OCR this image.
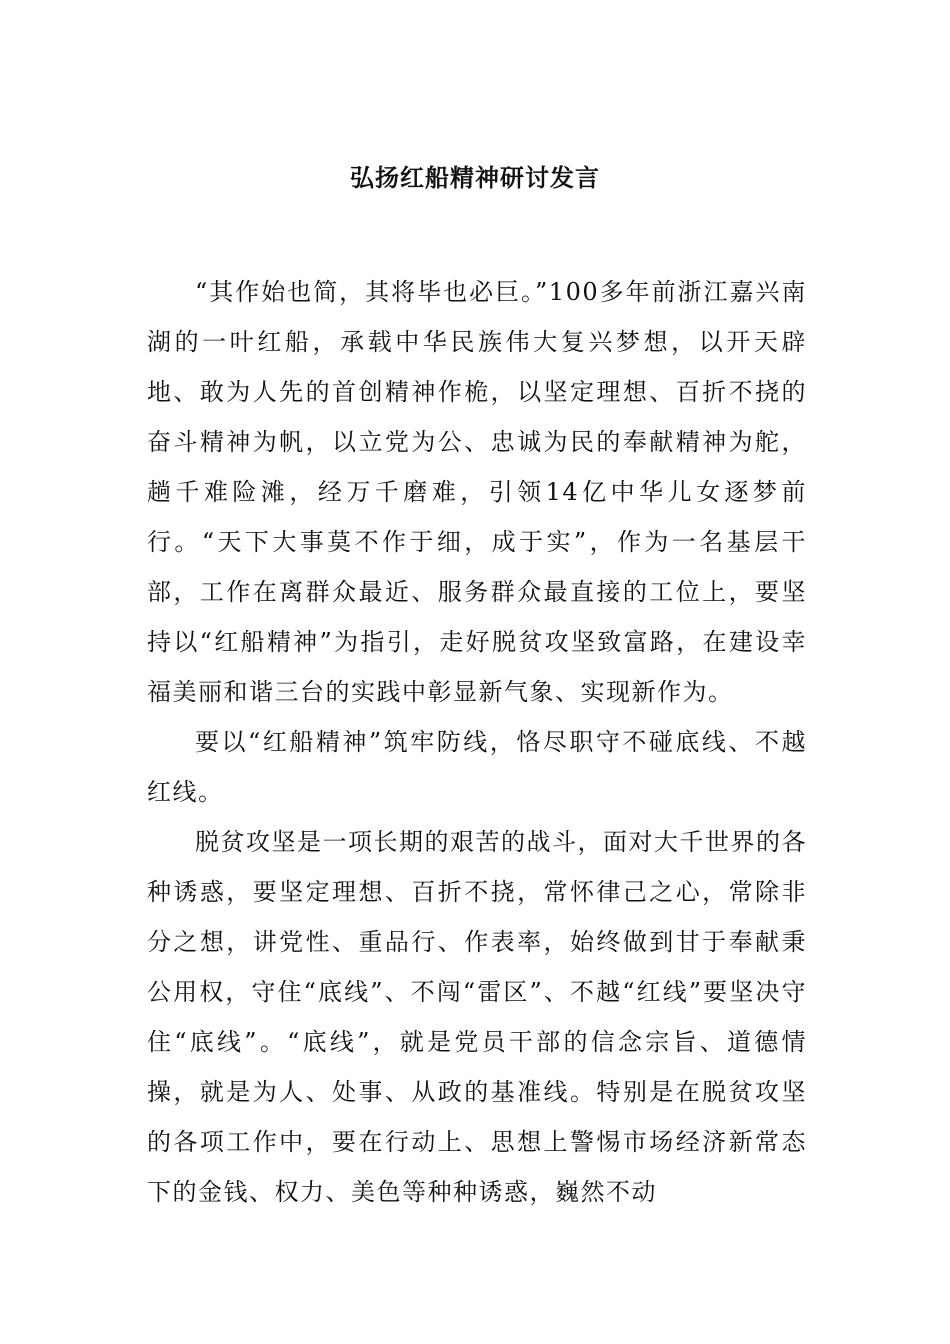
弘扬红船精神研讨发言

“其作始也简，其将毕也必巨。”100多年前浙江嘉兴南湖的一叶红船，承载中华民族伟大复兴梦想，以开天辟地、敢为人先的首创精神作桅，以坚定理想、百折不挠的奋斗精神为帆，以立党为公、忠诚为民的奉献精神为舵，趟千难险滩，经万千磨难，引领14亿中华儿女逐梦前行。“天下大事莫不作于细，成于实”，作为一名基层干部，工作在离群众最近、服务群众最直接的工位上，要坚持以“红船精神”为指引，走好脱贫攻坚致富路，在建设幸福美丽和谐三台的实践中彰显新气象、实现新作为。

要以“红船精神”筑牢防线，恪尽职守不碰底线、不越红线。

脱贫攻坚是一项长期的艰苦的战斗，面对大千世界的各种诱惑，要坚定理想、百折不挠，常怀律己之心，常除非分之想，讲党性、重品行、作表率，始终做到甘于奉献秉公用权，守住“底线”、不闯“雷区”、不越“红线”要坚决守住“底线”。“底线”，就是党员干部的信念宗旨、道德情操，就是为人、处事、从政的基准线。特别是在脱贫攻坚的各项工作中，要在行动上、思想上警惕市场经济新常态下的金钱、权力、美色等种种诱惑，巍然不动
